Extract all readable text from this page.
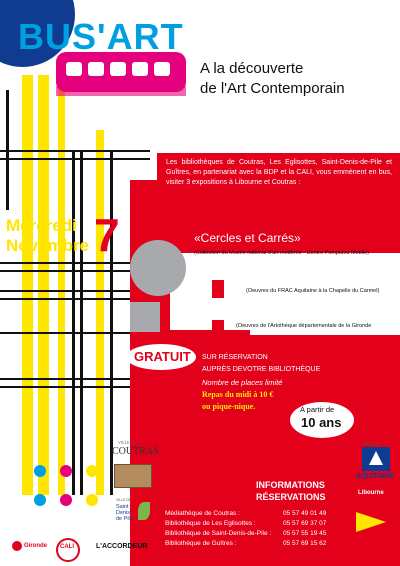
BUS'ART
A la découverte
de l'Art Contemporain
Les bibliothèques de Coutras, Les Eglisottes, Saint-Denis-de-Pile et Guîtres, en partenariat avec la BDP et la CALI, vous emmènent en bus, visiter 3 expositions à Libourne et Coutras :
Mercredi
Novembre 7	«Cercles et Carrés»
(Collection du Musée national d'art moderne - Centre Pompidou Mobile)
«Entre Ciel et Terre»
(Oeuvres du FRAC Aquitaine à la Chapelle du Carmel)
«Entre Ici et Ailleurs»
(Oeuvres de l'Artothèque départementale de la Gironde
GRATUIT SUR RÉSERVATION
AUPRÈS DEVOTRE BIBLIOTHÈQUE
Nombre de places limité
Repas du midi à 10 €
ou pique-nique.	A partir de
10 ans
INFORMATIONS
RÉSERVATIONS
Médiathèque de Coutras :	05 57 49 01 49
Bibliothèque de Les Eglisottes :	05 57 69 37 07
Bibliothèque de Saint-Denis-de-Pile : 05 57 55 19 45
Bibliothèque de Guîtres :	05 57 69 15 62
VILLE DE
COUTRAS
VILLE DE
Saint Denis de Pile
RÉGION
AQUITAINE
Libourne
Gironde CALI	L'ACCORDEUR
